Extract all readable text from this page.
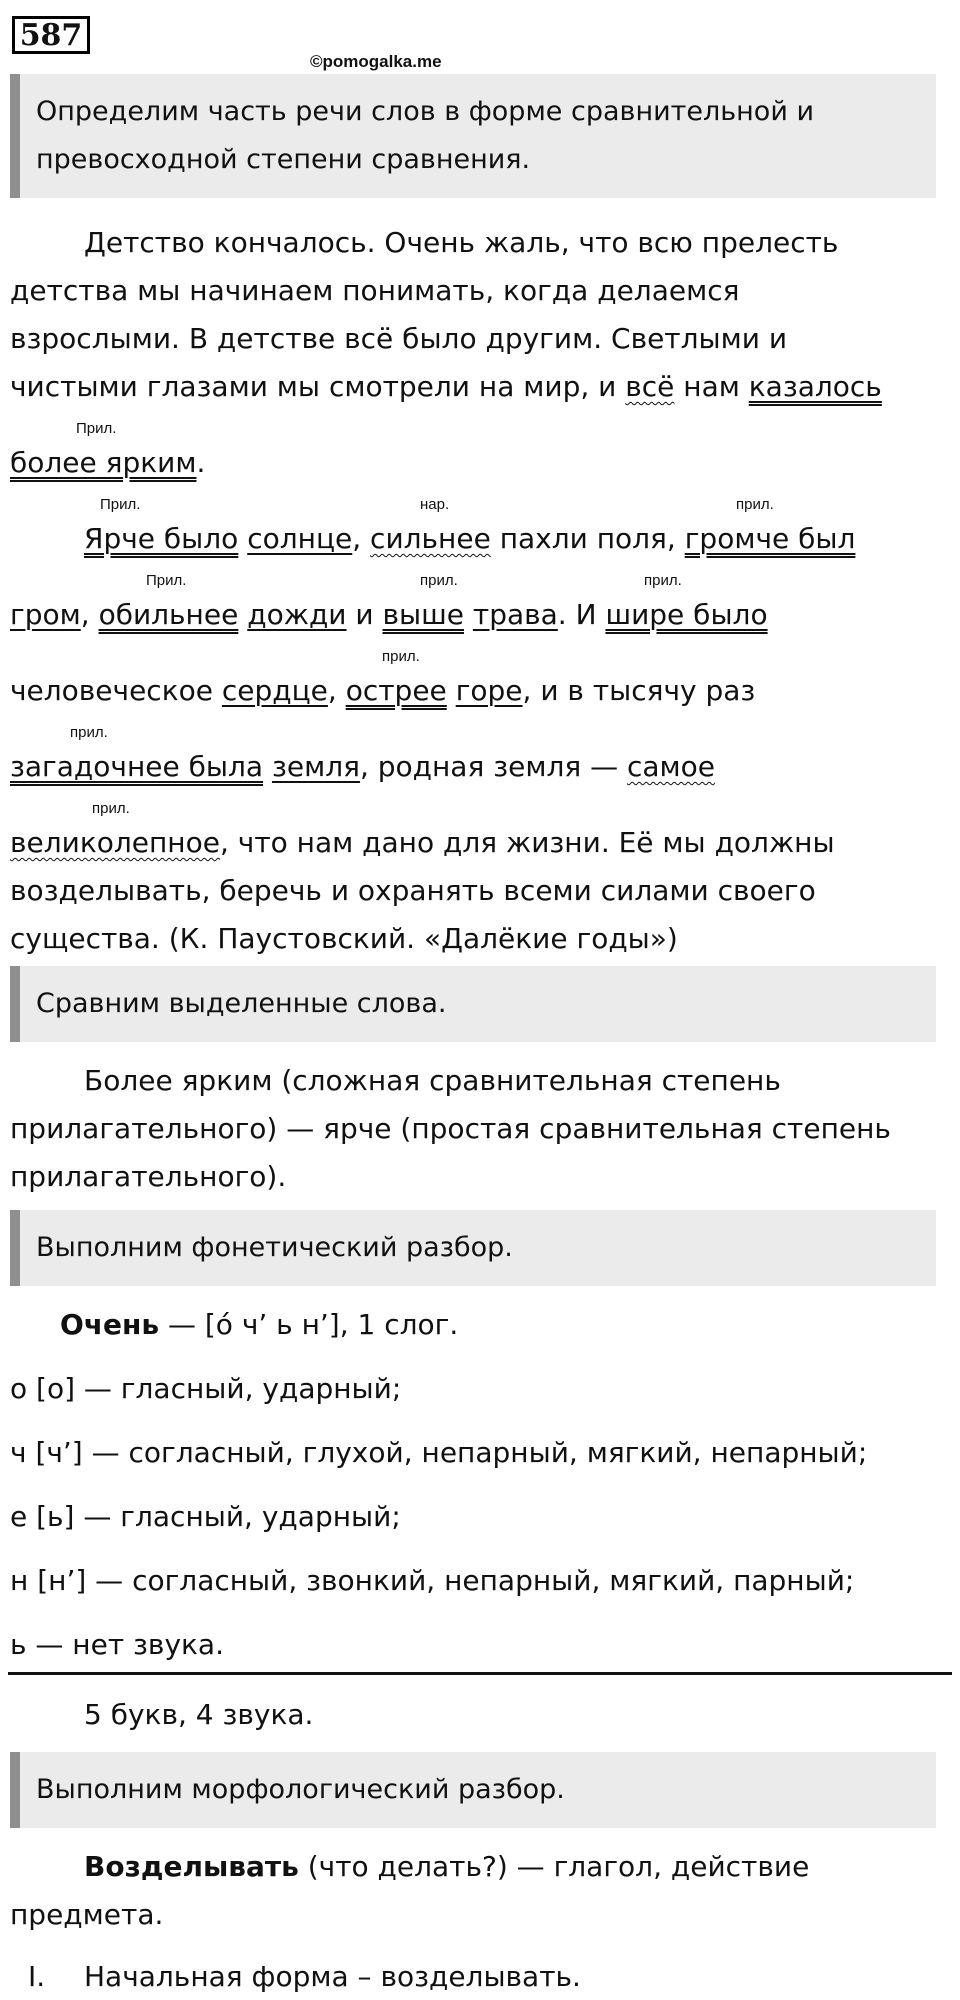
587
©pomogalka.me
Определим часть речи слов в форме сравнительной и
превосходной степени сравнения.
Детство кончалось. Очень жаль, что всю прелесть
детства мы начинаем понимать, когда делаемся
взрослыми. В детстве всё было другим. Светлыми и
чистыми глазами мы смотрели на мир, и всё нам казалось
Прил.
более ярким.
Прил.	нар.	прил.
Ярче было солнце, сильнее пахли поля, громче был
Прил.	прил.	прил.
гром, обильнее дожди и выше трава. И шире было
прил.
человеческое сердце, острее горе, и в тысячу раз
прил.
загадочнее была земля, родная земля — самое
прил.
великолепное, что нам дано для жизни. Её мы должны
возделывать, беречь и охранять всеми силами своего
существа. (К. Паустовский. «Далёкие годы»)
Сравним выделенные слова.
Более ярким (сложная сравнительная степень
прилагательного) — ярче (простая сравнительная степень
прилагательного).
Выполним фонетический разбор.
Очень — [о́ ч’ ь н’], 1 слог.
о [о] — гласный, ударный;
ч [ч’] — согласный, глухой, непарный, мягкий, непарный;
е [ь] — гласный, ударный;
н [н’] — согласный, звонкий, непарный, мягкий, парный;
ь — нет звука.
5 букв, 4 звука.
Выполним морфологический разбор.
Возделывать (что делать?) — глагол, действие
предмета.
I. Начальная форма – возделывать.
